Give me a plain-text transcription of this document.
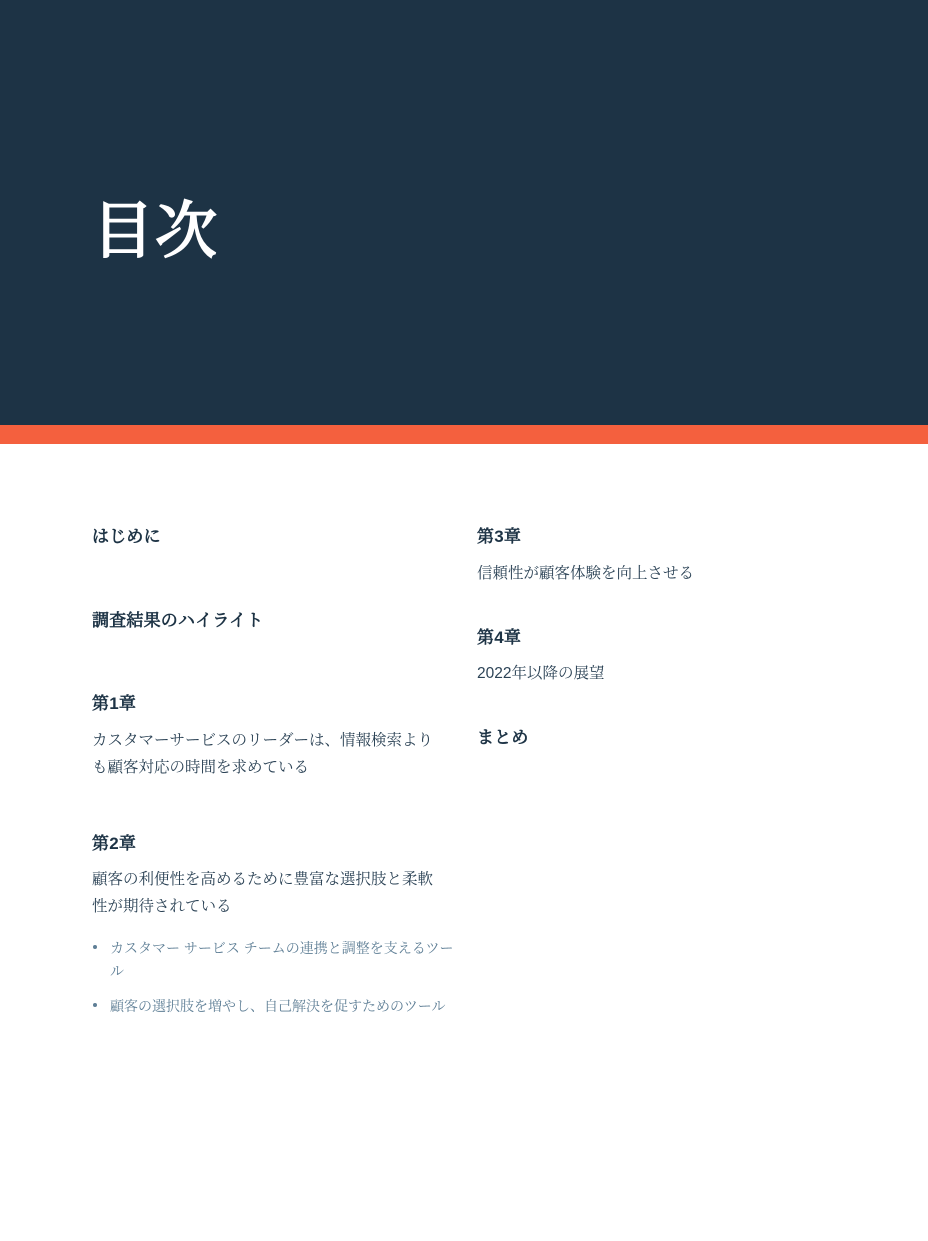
目次
はじめに
調査結果のハイライト
第1章
カスタマーサービスのリーダーは、情報検索よりも顧客対応の時間を求めている
第2章
顧客の利便性を高めるために豊富な選択肢と柔軟性が期待されている
カスタマー サービス チームの連携と調整を支えるツール
顧客の選択肢を増やし、自己解決を促すためのツール
第3章
信頼性が顧客体験を向上させる
第4章
2022年以降の展望
まとめ
